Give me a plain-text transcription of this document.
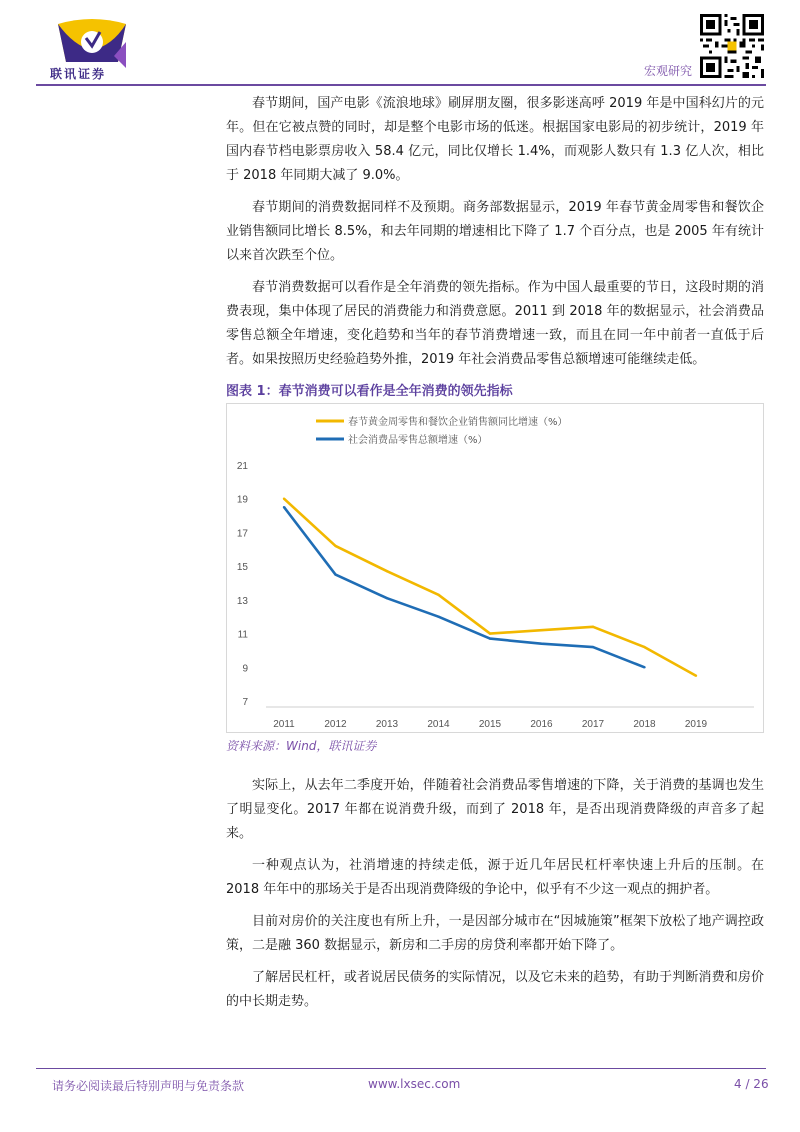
联讯证券	宏观研究

春节期间，国产电影《流浪地球》刷屏朋友圈，很多影迷高呼 2019 年是中国科幻片的元年。但在它被点赞的同时，却是整个电影市场的低迷。根据国家电影局的初步统计，2019 年国内春节档电影票房收入 58.4 亿元，同比仅增长 1.4%，而观影人数只有 1.3 亿人次，相比于 2018 年同期大减了 9.0%。

春节期间的消费数据同样不及预期。商务部数据显示，2019 年春节黄金周零售和餐饮企业销售额同比增长 8.5%，和去年同期的增速相比下降了 1.7 个百分点，也是 2005 年有统计以来首次跌至个位。

春节消费数据可以看作是全年消费的领先指标。作为中国人最重要的节日，这段时期的消费表现，集中体现了居民的消费能力和消费意愿。2011 到 2018 年的数据显示，社会消费品零售总额全年增速，变化趋势和当年的春节消费增速一致，而且在同一年中前者一直低于后者。如果按照历史经验趋势外推，2019 年社会消费品零售总额增速可能继续走低。

图表 1：春节消费可以看作是全年消费的领先指标
7
9
11
13
15
17
19
21
2011	2012	2013	2014	2015	2016	2017	2018	2019
春节黄金周零售和餐饮企业销售额同比增速（%）
社会消费品零售总额增速（%）
资料来源：Wind，联讯证券

实际上，从去年二季度开始，伴随着社会消费品零售增速的下降，关于消费的基调也发生了明显变化。2017 年都在说消费升级，而到了 2018 年，是否出现消费降级的声音多了起来。

一种观点认为，社消增速的持续走低，源于近几年居民杠杆率快速上升后的压制。在2018 年年中的那场关于是否出现消费降级的争论中，似乎有不少这一观点的拥护者。

目前对房价的关注度也有所上升，一是因部分城市在“因城施策”框架下放松了地产调控政策，二是融 360 数据显示，新房和二手房的房贷利率都开始下降了。

了解居民杠杆，或者说居民债务的实际情况，以及它未来的趋势，有助于判断消费和房价的中长期走势。

请务必阅读最后特别声明与免责条款	www.lxsec.com	4 / 26
